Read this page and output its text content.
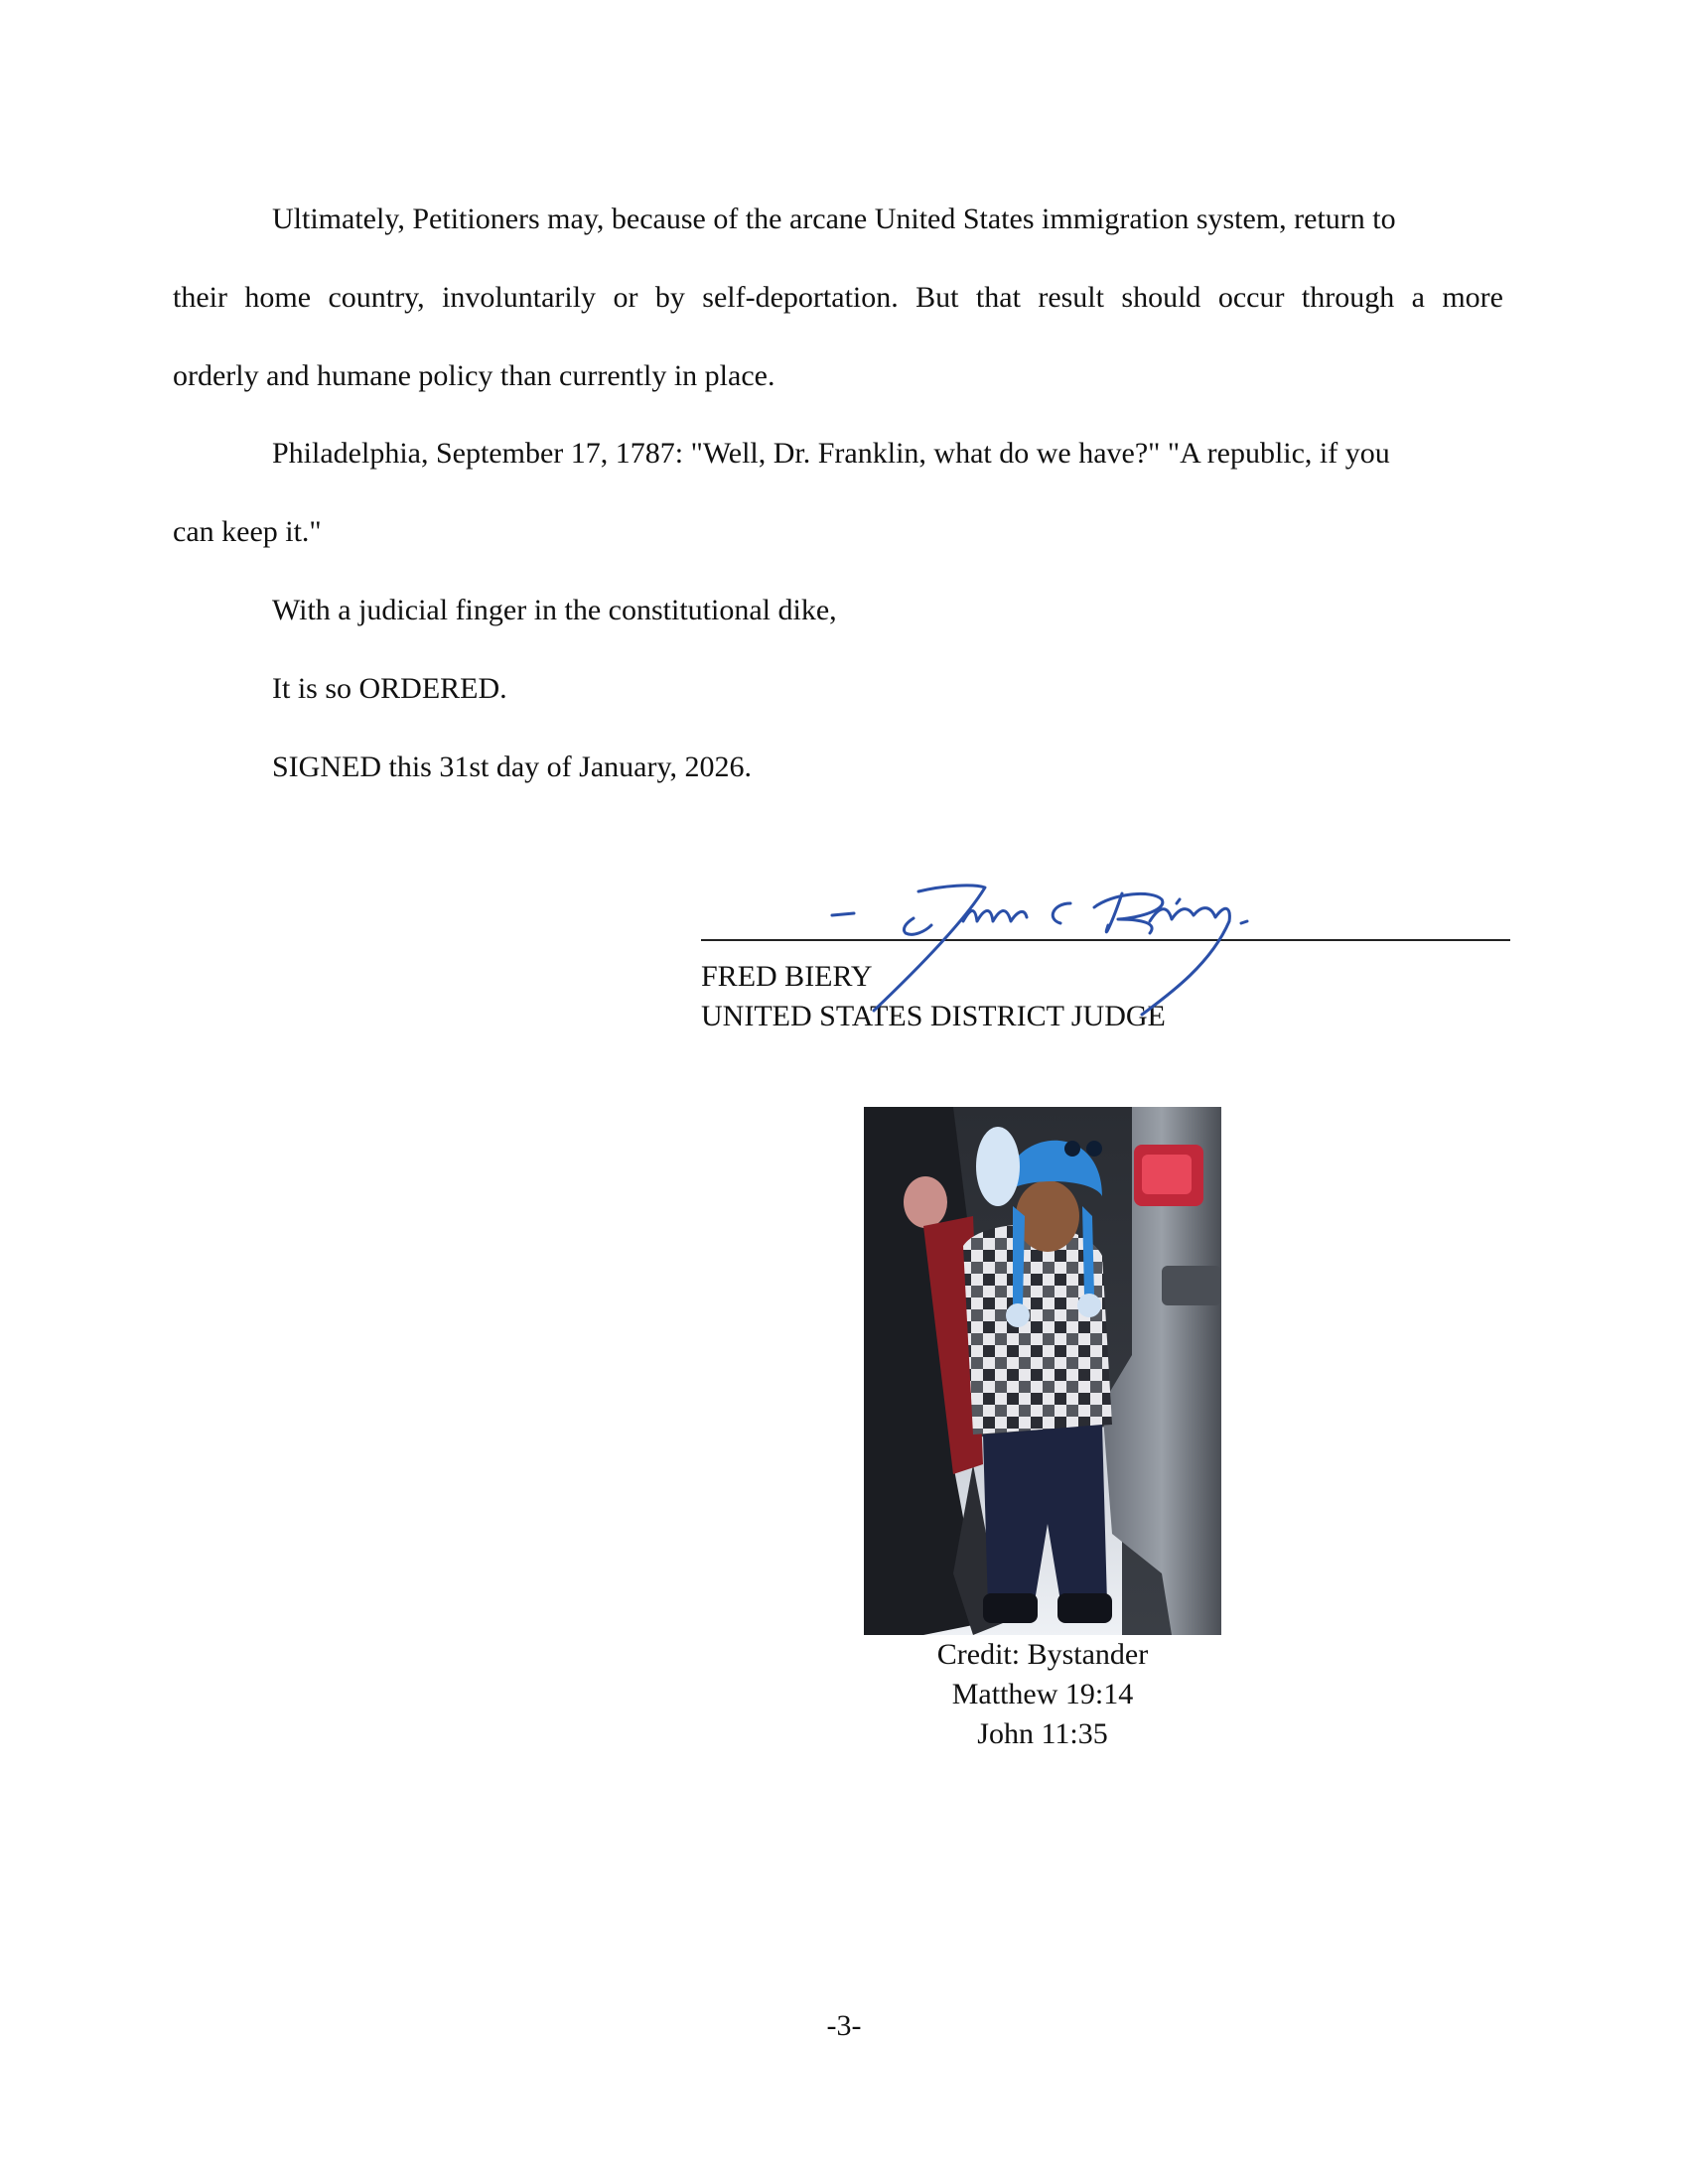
Ultimately, Petitioners may, because of the arcane United States immigration system, return to
their home country, involuntarily or by self-deportation. But that result should occur through a more
orderly and humane policy than currently in place.
Philadelphia, September 17, 1787: "Well, Dr. Franklin, what do we have?" "A republic, if you
can keep it."
With a judicial finger in the constitutional dike,
It is so ORDERED.
SIGNED this 31st day of January, 2026.
FRED BIERY
UNITED STATES DISTRICT JUDGE
Credit: Bystander
Matthew 19:14
John 11:35
-3-
